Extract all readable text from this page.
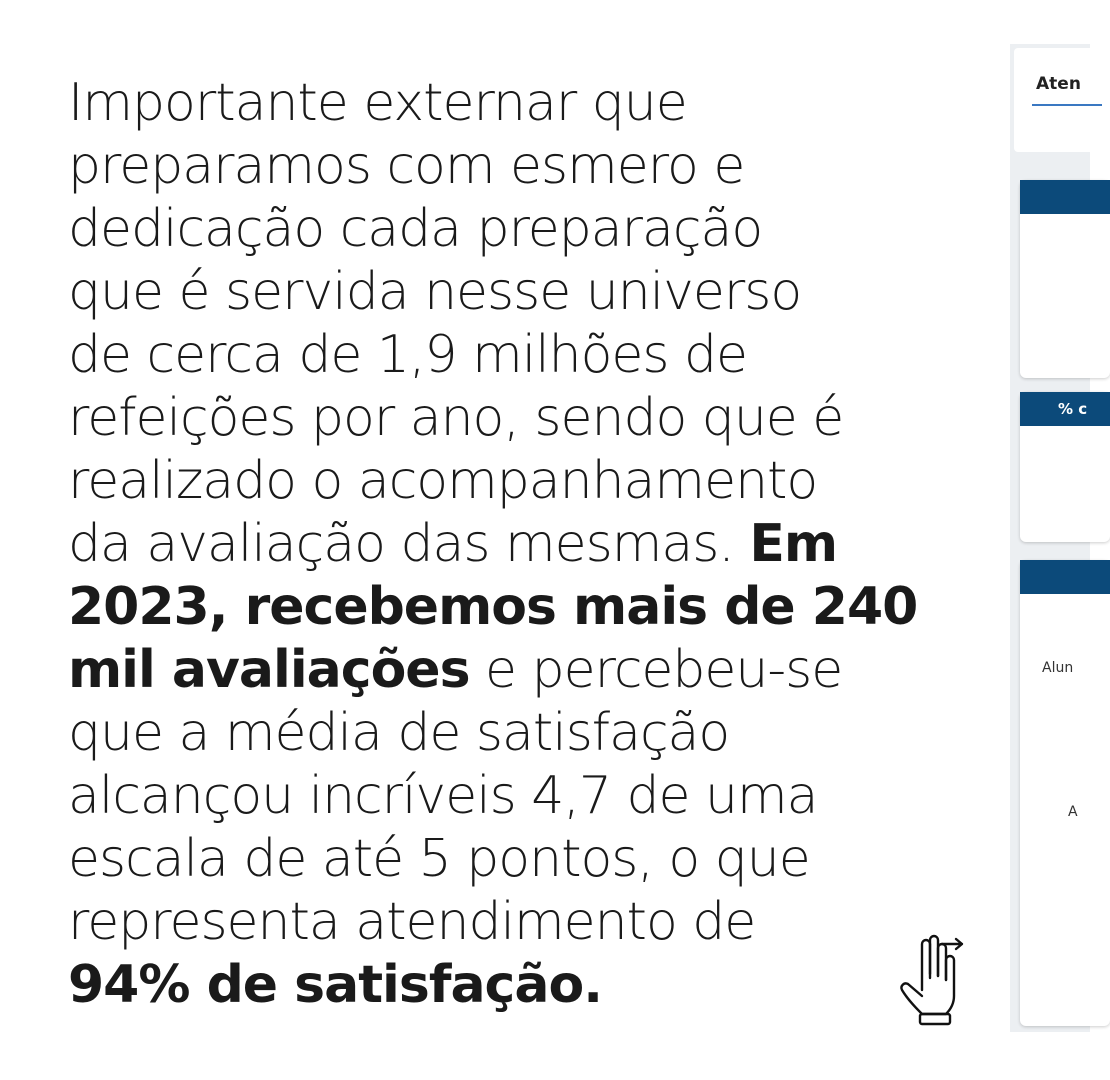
Importante externar que
preparamos com esmero e
dedicação cada preparação
que é servida nesse universo
de cerca de 1,9 milhões de
refeições por ano, sendo que é
realizado o acompanhamento
da avaliação das mesmas. Em
2023, recebemos mais de 240
mil avaliações e percebeu-se
que a média de satisfação
alcançou incríveis 4,7 de uma
escala de até 5 pontos, o que
representa atendimento de
94% de satisfação.
Aten
% c
Alun
A
